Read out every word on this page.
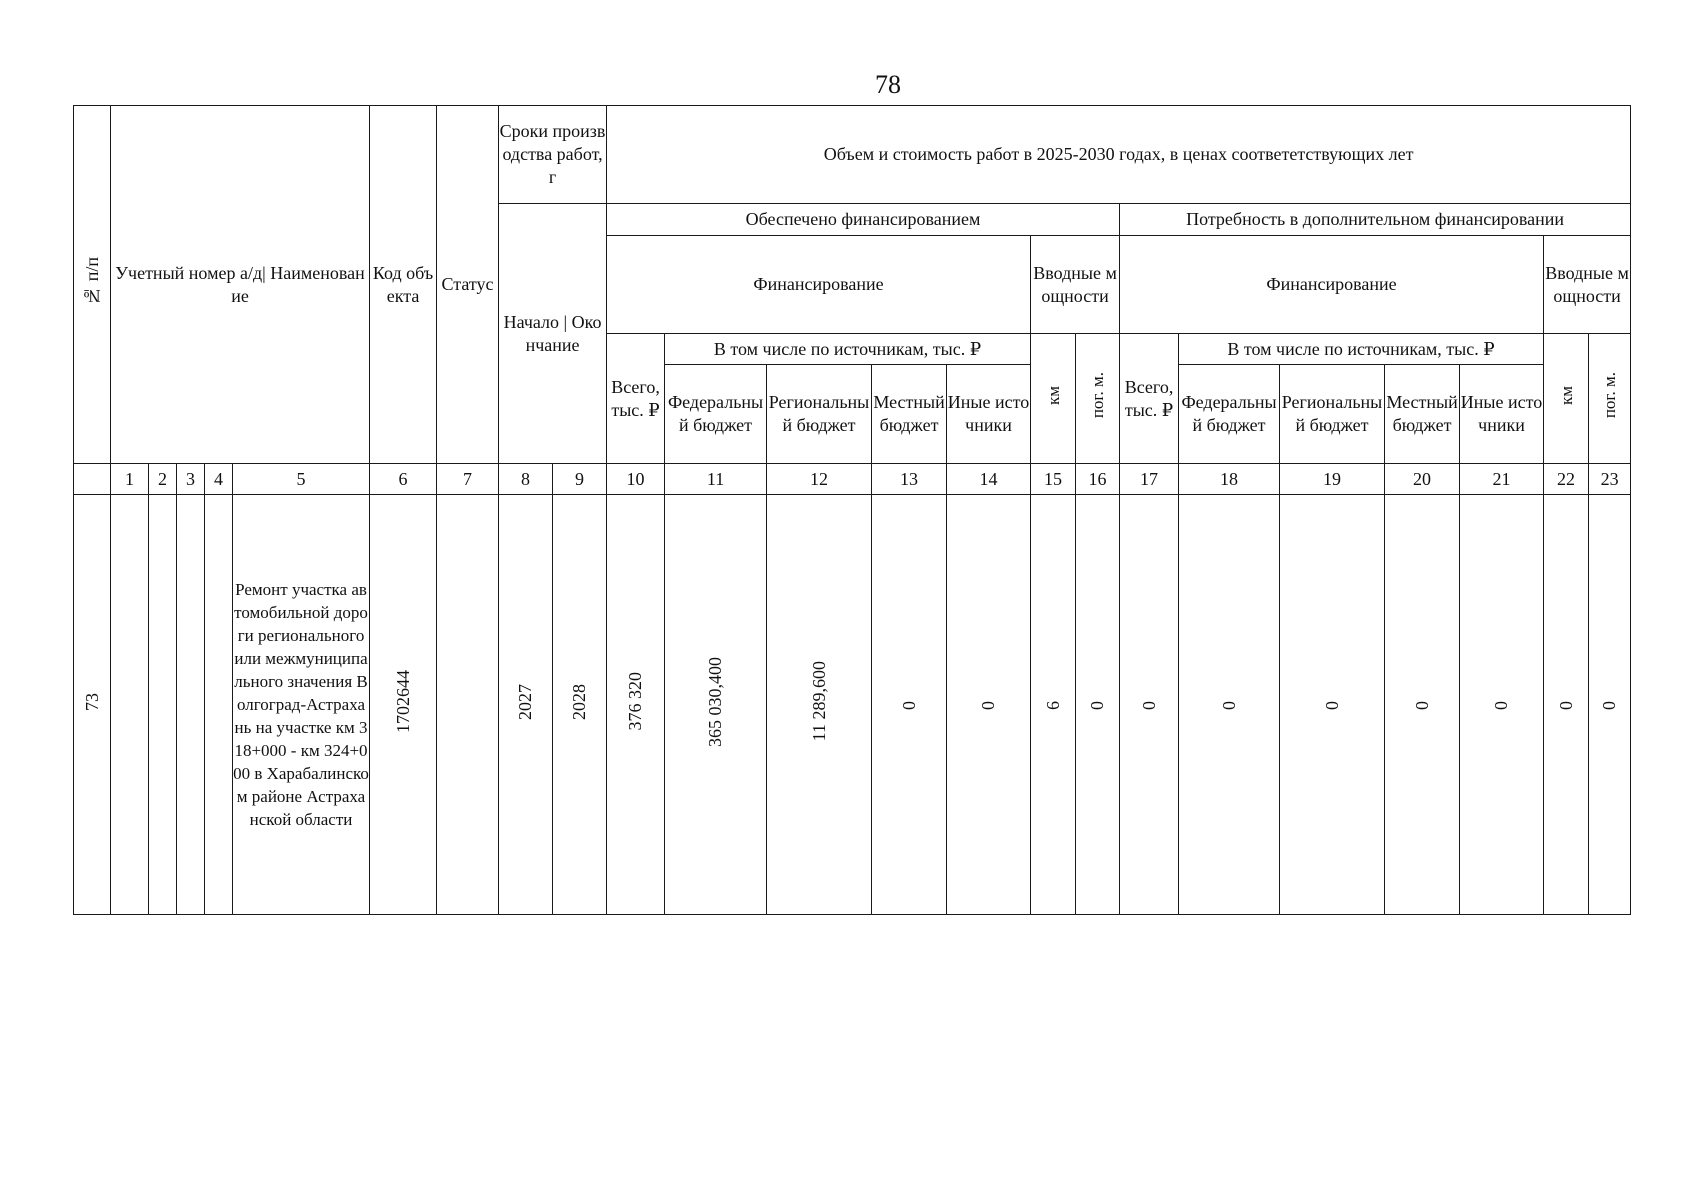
78
№ п/п	Учетный номер а/д| Наименование					Код объекта	Статус	Сроки производства работ, г		Объем и стоимость работ в 2025-2030 годах, в ценах соответетствующих лет													
								Начало | Окончание		Обеспечено финансированием							Потребность в дополнительном финансировании						
										Финансирование					Вводные мощности		Финансирование					Вводные мощности	
										Всего, тыс. ₽	В том числе по источникам, тыс. ₽				км	пог. м.	Всего, тыс. ₽	В том числе по источникам, тыс. ₽				км	пог. м.
											Федеральный бюджет	Региональный бюджет	Местный бюджет	Иные источники				Федеральный бюджет	Региональный бюджет	Местный бюджет	Иные источники		
	1	2	3	4	5	6	7	8	9	10	11	12	13	14	15	16	17	18	19	20	21	22	23
73					Ремонт участка автомобильной дороги регионального или межмуниципального значения Волгоград-Астрахань на участке км 318+000 - км 324+000 в Харабалинском районе Астраханской области	1702644		2027	2028	376 320	365 030,400	11 289,600	0	0	6	0	0	0	0	0	0	0	0
